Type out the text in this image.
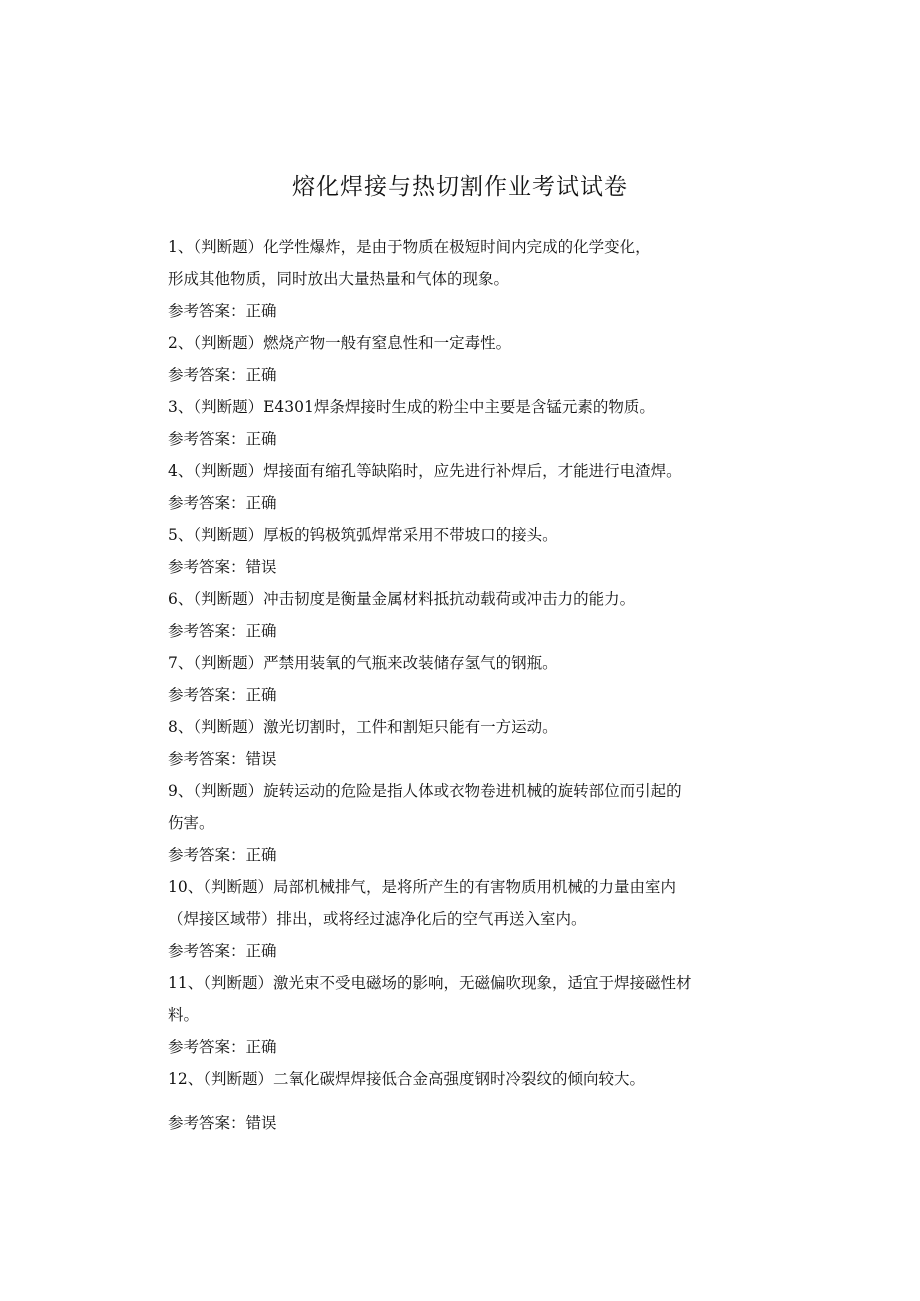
熔化焊接与热切割作业考试试卷
1、（判断题）化学性爆炸，是由于物质在极短时间内完成的化学变化，
形成其他物质，同时放出大量热量和气体的现象。
参考答案：正确
2、（判断题）燃烧产物一般有窒息性和一定毒性。
参考答案：正确
3、（判断题）E4301焊条焊接时生成的粉尘中主要是含锰元素的物质。
参考答案：正确
4、（判断题）焊接面有缩孔等缺陷时，应先进行补焊后，才能进行电渣焊。
参考答案：正确
5、（判断题）厚板的钨极筑弧焊常采用不带坡口的接头。
参考答案：错误
6、（判断题）冲击韧度是衡量金属材料抵抗动载荷或冲击力的能力。
参考答案：正确
7、（判断题）严禁用装氧的气瓶来改装储存氢气的钢瓶。
参考答案：正确
8、（判断题）激光切割时，工件和割矩只能有一方运动。
参考答案：错误
9、（判断题）旋转运动的危险是指人体或衣物卷进机械的旋转部位而引起的
伤害。
参考答案：正确
10、（判断题）局部机械排气，是将所产生的有害物质用机械的力量由室内
（焊接区域带）排出，或将经过滤净化后的空气再送入室内。
参考答案：正确
11、（判断题）激光束不受电磁场的影响，无磁偏吹现象，适宜于焊接磁性材
料。
参考答案：正确
12、（判断题）二氧化碳焊焊接低合金高强度钢时冷裂纹的倾向较大。
参考答案：错误
